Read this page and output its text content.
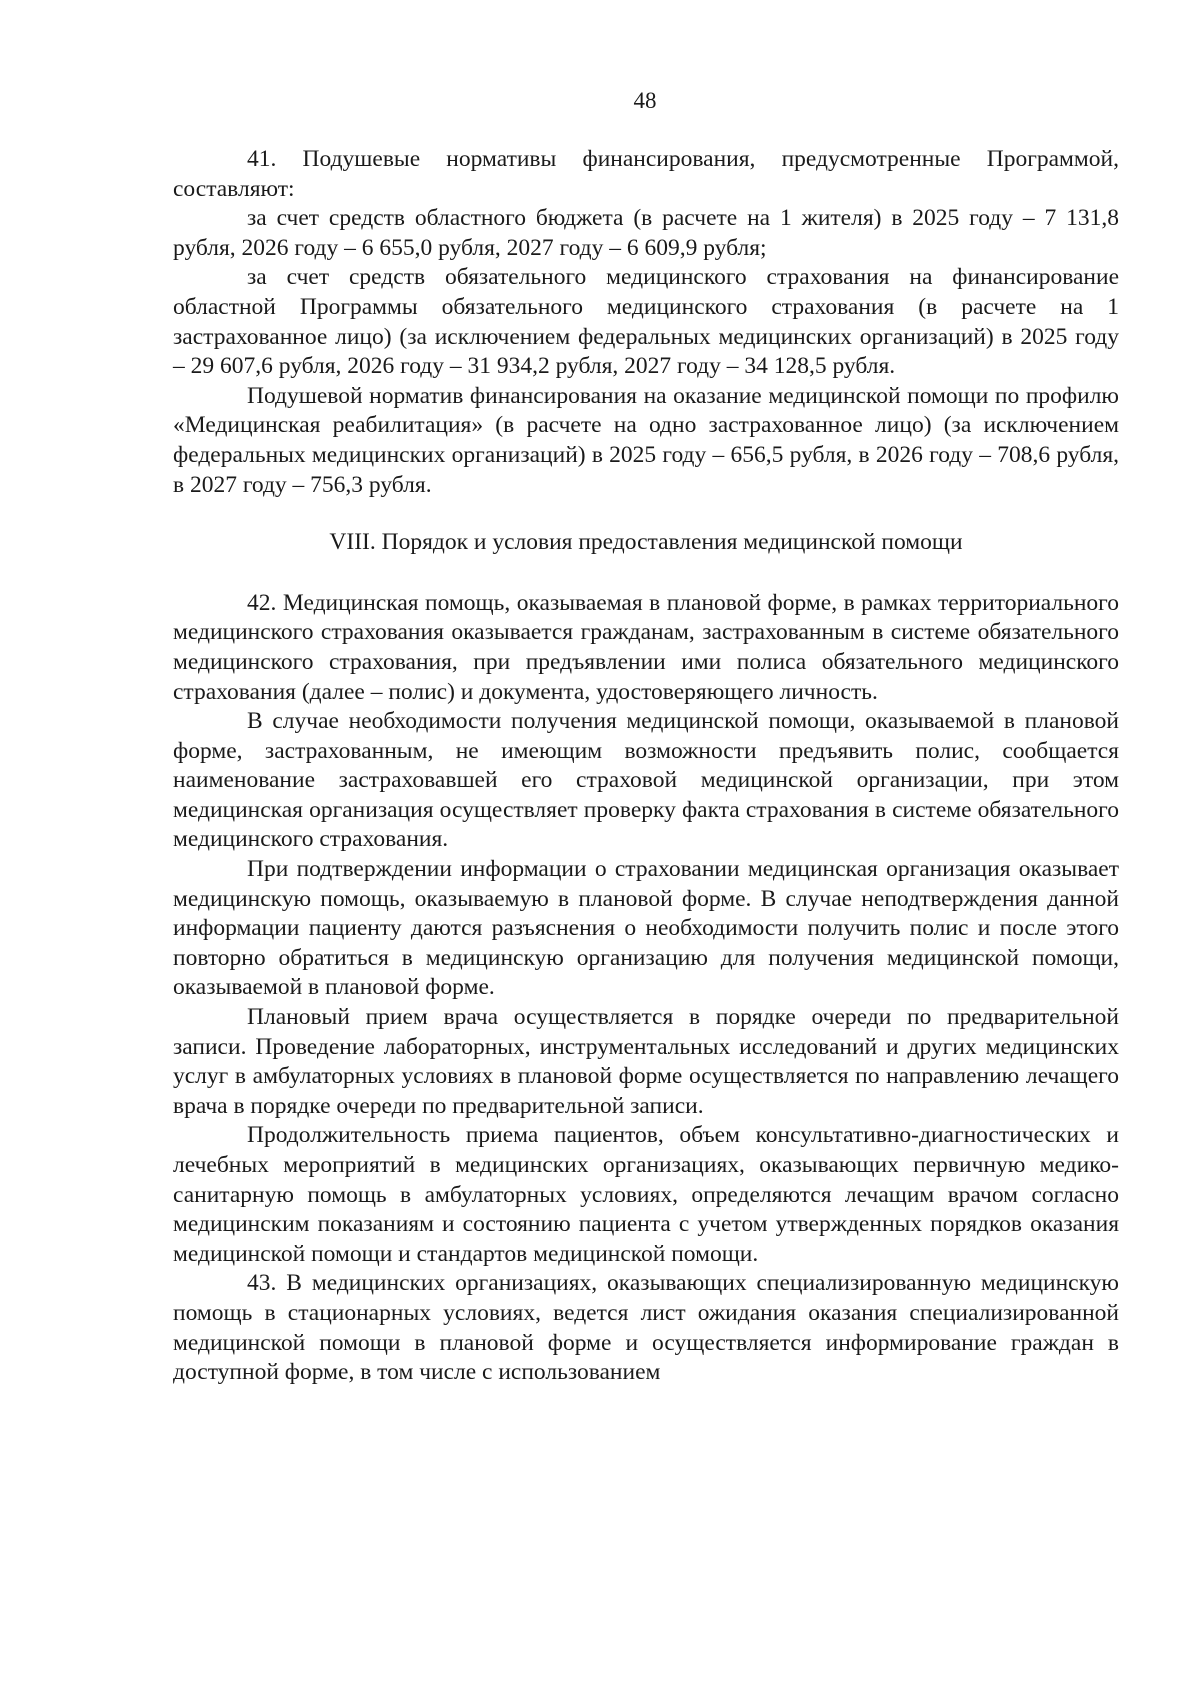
48

41. Подушевые нормативы финансирования, предусмотренные Программой, составляют:

за счет средств областного бюджета (в расчете на 1 жителя) в 2025 году – 7 131,8 рубля, 2026 году – 6 655,0 рубля, 2027 году – 6 609,9 рубля;

за счет средств обязательного медицинского страхования на финансирование областной Программы обязательного медицинского страхования (в расчете на 1 застрахованное лицо) (за исключением федеральных медицинских организаций) в 2025 году – 29 607,6 рубля, 2026 году – 31 934,2 рубля, 2027 году – 34 128,5 рубля.

Подушевой норматив финансирования на оказание медицинской помощи по профилю «Медицинская реабилитация» (в расчете на одно застрахованное лицо) (за исключением федеральных медицинских организаций) в 2025 году – 656,5 рубля, в 2026 году – 708,6 рубля, в 2027 году – 756,3 рубля.

VIII. Порядок и условия предоставления медицинской помощи

42. Медицинская помощь, оказываемая в плановой форме, в рамках территориального медицинского страхования оказывается гражданам, застрахованным в системе обязательного медицинского страхования, при предъявлении ими полиса обязательного медицинского страхования (далее – полис) и документа, удостоверяющего личность.

В случае необходимости получения медицинской помощи, оказываемой в плановой форме, застрахованным, не имеющим возможности предъявить полис, сообщается наименование застраховавшей его страховой медицинской организации, при этом медицинская организация осуществляет проверку факта страхования в системе обязательного медицинского страхования.

При подтверждении информации о страховании медицинская организация оказывает медицинскую помощь, оказываемую в плановой форме. В случае неподтверждения данной информации пациенту даются разъяснения о необходимости получить полис и после этого повторно обратиться в медицинскую организацию для получения медицинской помощи, оказываемой в плановой форме.

Плановый прием врача осуществляется в порядке очереди по предварительной записи. Проведение лабораторных, инструментальных исследований и других медицинских услуг в амбулаторных условиях в плановой форме осуществляется по направлению лечащего врача в порядке очереди по предварительной записи.

Продолжительность приема пациентов, объем консультативно-диагностических и лечебных мероприятий в медицинских организациях, оказывающих первичную медико-санитарную помощь в амбулаторных условиях, определяются лечащим врачом согласно медицинским показаниям и состоянию пациента с учетом утвержденных порядков оказания медицинской помощи и стандартов медицинской помощи.

43. В медицинских организациях, оказывающих специализированную медицинскую помощь в стационарных условиях, ведется лист ожидания оказания специализированной медицинской помощи в плановой форме и осуществляется информирование граждан в доступной форме, в том числе с использованием
